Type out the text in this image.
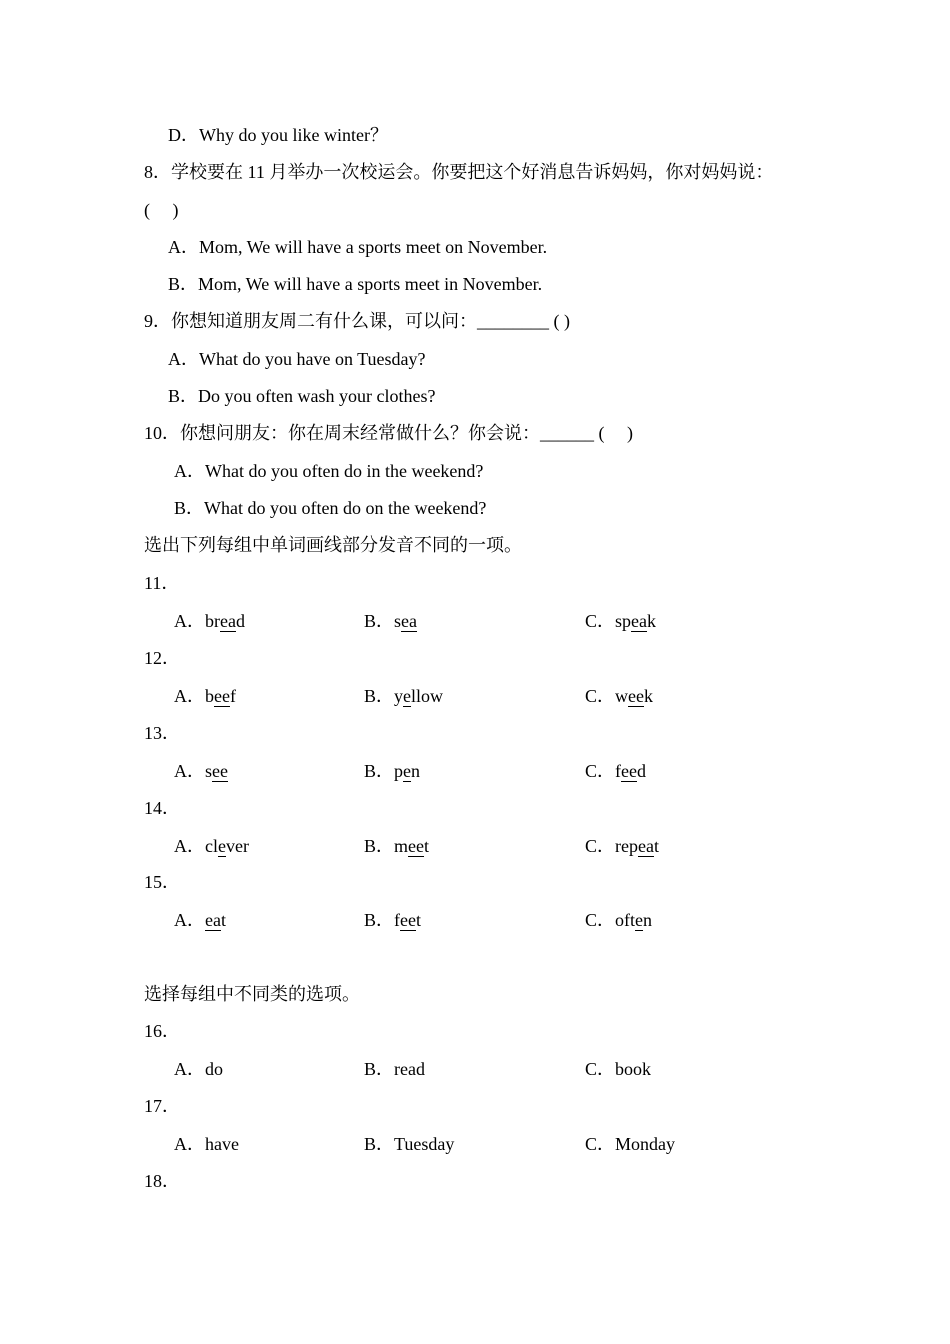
D．Why do you like winter？
8．学校要在 11 月举办一次校运会。你要把这个好消息告诉妈妈，你对妈妈说：
(　 )
A．Mom, We will have a sports meet on November.
B．Mom, We will have a sports meet in November.
9．你想知道朋友周二有什么课，可以问：________ ( )
A．What do you have on Tuesday?
B．Do you often wash your clothes?
10．你想问朋友：你在周末经常做什么？你会说：______ (　 )
A．What do you often do in the weekend?
B．What do you often do on the weekend?
选出下列每组中单词画线部分发音不同的一项。
11．
A．bread	B．sea	C．speak
12．
A．beef	B．yellow	C．week
13．
A．see	B．pen	C．feed
14．
A．clever	B．meet	C．repeat
15．
A．eat	B．feet	C．often
选择每组中不同类的选项。
16．
A．do	B．read	C．book
17．
A．have	B．Tuesday	C．Monday
18．
